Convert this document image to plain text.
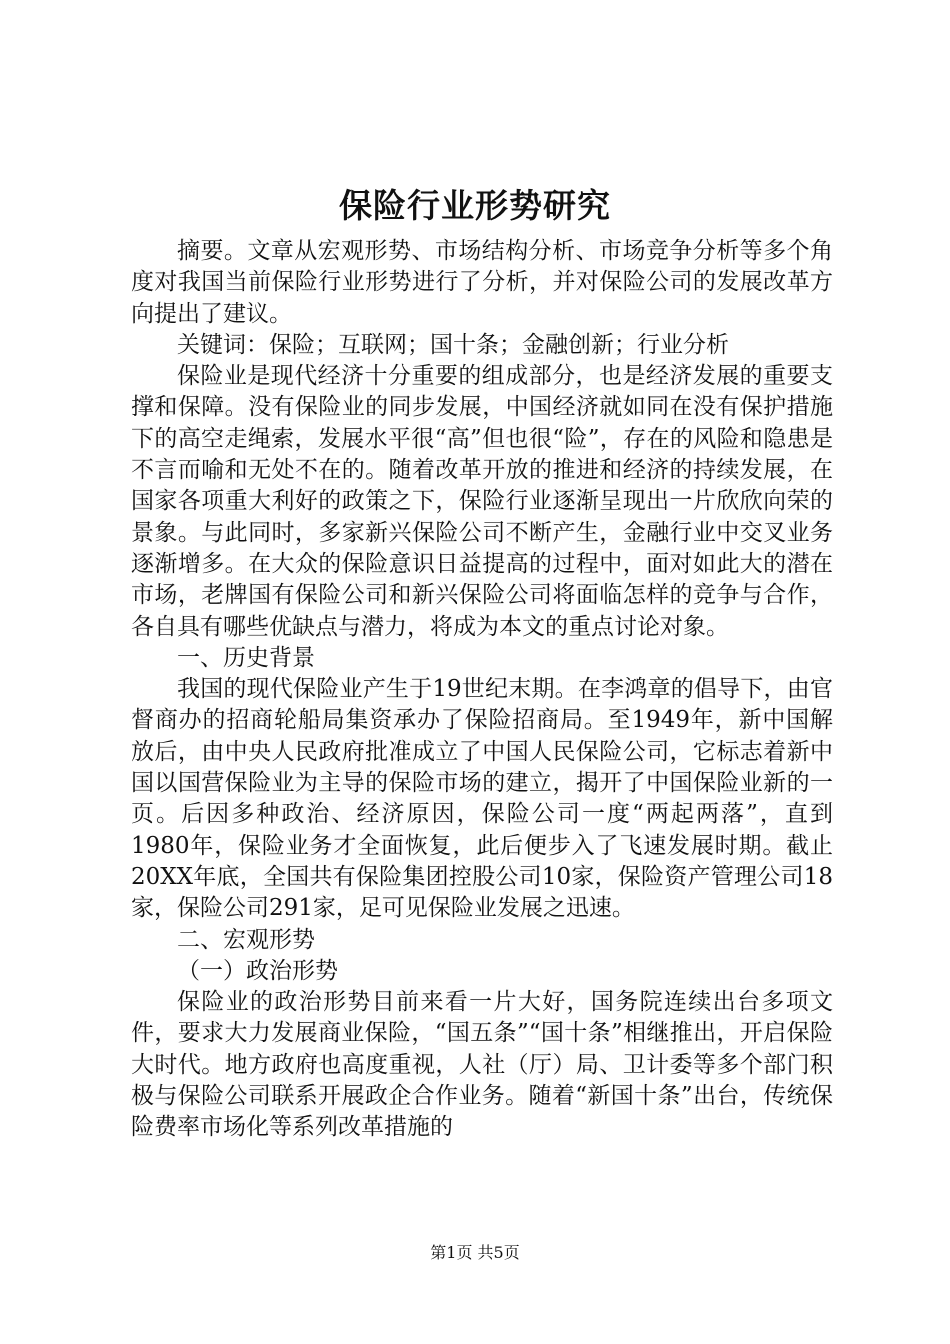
保险行业形势研究

摘要。文章从宏观形势、市场结构分析、市场竞争分析等多个角度对我国当前保险行业形势进行了分析，并对保险公司的发展改革方向提出了建议。

关键词：保险；互联网；国十条；金融创新；行业分析

保险业是现代经济十分重要的组成部分，也是经济发展的重要支撑和保障。没有保险业的同步发展，中国经济就如同在没有保护措施下的高空走绳索，发展水平很“高”但也很“险”，存在的风险和隐患是不言而喻和无处不在的。随着改革开放的推进和经济的持续发展，在国家各项重大利好的政策之下，保险行业逐渐呈现出一片欣欣向荣的景象。与此同时，多家新兴保险公司不断产生，金融行业中交叉业务逐渐增多。在大众的保险意识日益提高的过程中，面对如此大的潜在市场，老牌国有保险公司和新兴保险公司将面临怎样的竞争与合作，各自具有哪些优缺点与潜力，将成为本文的重点讨论对象。

一、历史背景

我国的现代保险业产生于19世纪末期。在李鸿章的倡导下，由官督商办的招商轮船局集资承办了保险招商局。至1949年，新中国解放后，由中央人民政府批准成立了中国人民保险公司，它标志着新中国以国营保险业为主导的保险市场的建立，揭开了中国保险业新的一页。后因多种政治、经济原因，保险公司一度“两起两落”，直到1980年，保险业务才全面恢复，此后便步入了飞速发展时期。截止20XX年底，全国共有保险集团控股公司10家，保险资产管理公司18家，保险公司291家，足可见保险业发展之迅速。

二、宏观形势

（一）政治形势

保险业的政治形势目前来看一片大好，国务院连续出台多项文件，要求大力发展商业保险，“国五条”“国十条”相继推出，开启保险大时代。地方政府也高度重视，人社（厅）局、卫计委等多个部门积极与保险公司联系开展政企合作业务。随着“新国十条”出台，传统保险费率市场化等系列改革措施的

第1页 共5页
